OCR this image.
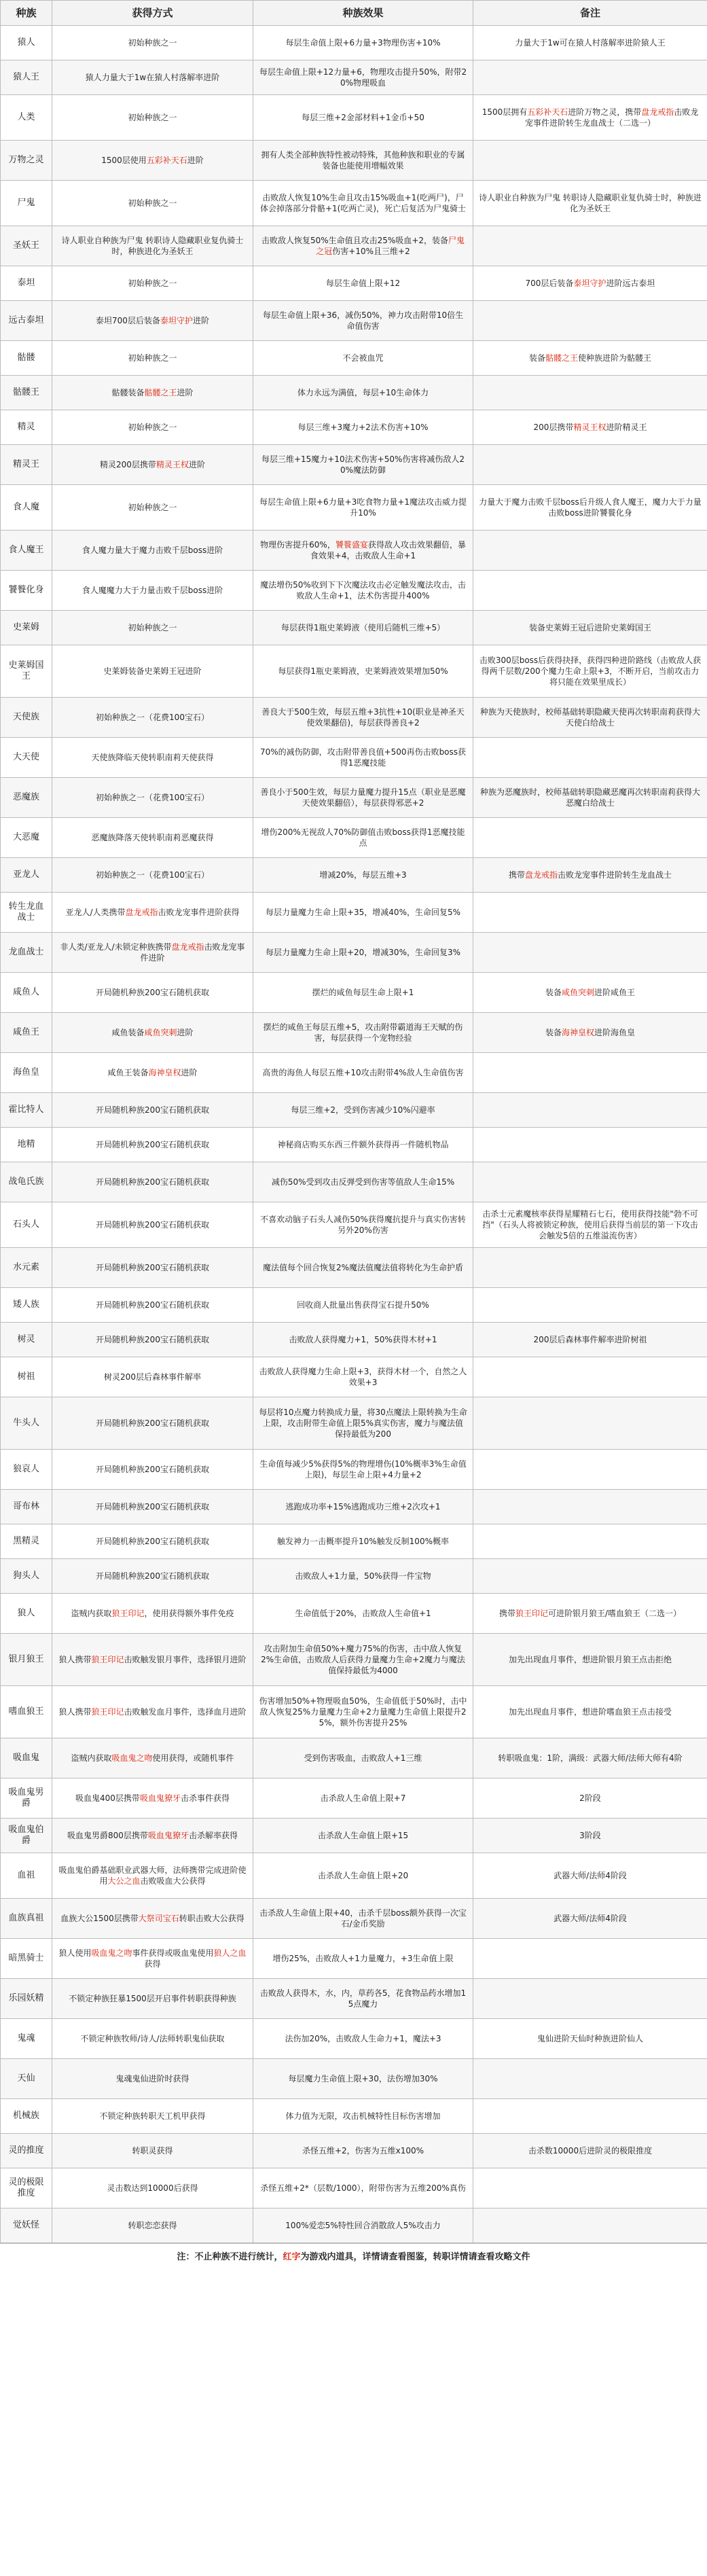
种族	获得方式	种族效果	备注
猿人	初始种族之一	每层生命值上限+6力量+3物理伤害+10%	力量大于1w可在猿人村落解率进阶猿人王
猿人王	猿人力量大于1w在猿人村落解率进阶	每层生命值上限+12力量+6，物理攻击提升50%，附带20%物理吸血	
人类	初始种族之一	每层三维+2金部材料+1金币+50	1500层拥有五彩补天石进阶万物之灵，携带盘龙戒指击败龙宠事件进阶转生龙血战士（二选一）
万物之灵	1500层使用五彩补天石进阶	拥有人类全部种族特性被动特殊，其他种族和职业的专属装备也能使用增幅效果	
尸鬼	初始种族之一	击败敌人恢复10%生命且攻击15%吸血+1(吃两尸)，尸体会掉落部分骨骼+1(吃两亡灵)，死亡后复活为尸鬼骑士	诗人职业自种族为尸鬼 转职诗人隐藏职业复仇骑士时，种族进化为圣妖王
圣妖王	诗人职业自种族为尸鬼 转职诗人隐藏职业复仇骑士时，种族进化为圣妖王	击败敌人恢复50%生命值且攻击25%吸血+2，装备尸鬼之冠伤害+10%且三维+2	
泰坦	初始种族之一	每层生命值上限+12	700层后装备泰坦守护进阶远古泰坦
远古泰坦	泰坦700层后装备泰坦守护进阶	每层生命值上限+36，减伤50%，神力攻击附带10倍生命值伤害	
骷髅	初始种族之一	不会被血咒	装备骷髅之王使种族进阶为骷髅王
骷髅王	骷髅装备骷髅之王进阶	体力永远为满值，每层+10生命体力	
精灵	初始种族之一	每层三维+3魔力+2法术伤害+10%	200层携带精灵王权进阶精灵王
精灵王	精灵200层携带精灵王权进阶	每层三维+15魔力+10法术伤害+50%伤害将减伤敌人20%魔法防御	
食人魔	初始种族之一	每层生命值上限+6力量+3吃食物力量+1魔法攻击威力提升10%	力量大于魔力击败千层boss后升级人食人魔王，魔力大于力量击败boss进阶饕餮化身
食人魔王	食人魔力量大于魔力击败千层boss进阶	物理伤害提升60%，饕餮盛宴获得敌人攻击效果翻倍，暴食效果+4，击败敌人生命+1	
饕餮化身	食人魔魔力大于力量击败千层boss进阶	魔法增伤50%收到下下次魔法攻击必定触发魔法攻击，击败敌人生命+1，法术伤害提升400%	
史莱姆	初始种族之一	每层获得1瓶史莱姆液（使用后随机三维+5）	装备史莱姆王冠后进阶史莱姆国王
史莱姆国王	史莱姆装备史莱姆王冠进阶	每层获得1瓶史莱姆液，史莱姆液效果增加50%	击败300层boss后获得抉择，获得四种进阶路线（击败敌人获得两千层数/200个魔力生命上限+3，不断开启，当前攻击力将只能在效果里成长）
天使族	初始种族之一（花费100宝石）	善良大于500生效，每层五维+3抗性+10(职业是神圣天使效果翻倍)，每层获得善良+2	种族为天使族时，校师基础转职隐藏天使再次转职南莉获得大天使白给战士
大天使	天使族降临天使转职南莉天使获得	70%的减伤防御，攻击附带善良值+500再伤击败boss获得1恶魔技能	
恶魔族	初始种族之一（花费100宝石）	善良小于500生效，每层力量魔力提升15点（职业是恶魔天使效果翻倍），每层获得邪恶+2	种族为恶魔族时，校师基础转职隐藏恶魔再次转职南莉获得大恶魔白给战士
大恶魔	恶魔族降落天使转职南莉恶魔获得	增伤200%无视敌人70%防御值击败boss获得1恶魔技能点	
亚龙人	初始种族之一（花费100宝石）	增减20%，每层五维+3	携带盘龙戒指击败龙宠事件进阶转生龙血战士
转生龙血战士	亚龙人/人类携带盘龙戒指击败龙宠事件进阶获得	每层力量魔力生命上限+35，增减40%，生命回复5%	
龙血战士	非人类/亚龙人/未锁定种族携带盘龙戒指击败龙宠事件进阶	每层力量魔力生命上限+20，增减30%，生命回复3%	
咸鱼人	开局随机种族200宝石随机获取	摆烂的咸鱼每层生命上限+1	装备咸鱼突刺进阶咸鱼王
咸鱼王	咸鱼装备咸鱼突刺进阶	摆烂的咸鱼王每层五维+5，攻击附带霸道海王天赋的伤害，每层获得一个宠物经验	装备海神皇权进阶海鱼皇
海鱼皇	咸鱼王装备海神皇权进阶	高贵的海鱼人每层五维+10攻击附带4%敌人生命值伤害	
霍比特人	开局随机种族200宝石随机获取	每层三维+2，受到伤害减少10%闪避率	
地精	开局随机种族200宝石随机获取	神秘商店购买东西三件额外获得再一件随机物品	
战龟氏族	开局随机种族200宝石随机获取	减伤50%受到攻击反弹受到伤害等值敌人生命15%	
石头人	开局随机种族200宝石随机获取	不喜欢动脑子石头人减伤50%获得魔抗提升与真实伤害转另外20%伤害	击杀士元素魔核率获得星耀精石七石，使用获得技能"勃不可挡"（石头人将被锁定种族，使用后获得当前层的第一下攻击会触发5倍的五维溢流伤害）
水元素	开局随机种族200宝石随机获取	魔法值每个回合恢复2%魔法值魔法值将转化为生命护盾	
矮人族	开局随机种族200宝石随机获取	回收商人批量出售获得宝石提升50%	
树灵	开局随机种族200宝石随机获取	击败敌人获得魔力+1，50%获得木材+1	200层后森林事件解率进阶树祖
树祖	树灵200层后森林事件解率	击败敌人获得魔力生命上限+3，获得木材一个，自然之人效果+3	
牛头人	开局随机种族200宝石随机获取	每层将10点魔力转换成力量，将30点魔法上限转换为生命上限，攻击附带生命值上限5%真实伤害，魔力与魔法值保持最低为200	
狼哀人	开局随机种族200宝石随机获取	生命值每减少5%获得5%的物理增伤(10%概率3%生命值上限)，每层生命上限+4力量+2	
哥布林	开局随机种族200宝石随机获取	逃跑成功率+15%逃跑成功三维+2次攻+1	
黑精灵	开局随机种族200宝石随机获取	触发神力一击概率提升10%触发反制100%概率	
狗头人	开局随机种族200宝石随机获取	击败敌人+1力量，50%获得一件宝物	
狼人	盗贼内获取狼王印记，使用获得额外事件免疫	生命值低于20%，击败敌人生命值+1	携带狼王印记可进阶银月狼王/嗜血狼王（二选一）
银月狼王	狼人携带狼王印记击败触发银月事件，选择银月进阶	攻击附加生命值50%+魔力75%的伤害，击中敌人恢复2%生命值，击败敌人后获得力量魔力生命+2魔力与魔法值保持最低为4000	加先出现血月事件，想进阶银月狼王点击拒绝
嗜血狼王	狼人携带狼王印记击败触发血月事件，选择血月进阶	伤害增加50%+物理吸血50%，生命值低于50%时，击中敌人恢复25%力量魔力生命+2力量魔力生命值上限提升25%，额外伤害提升25%	加先出现血月事件，想进阶嗜血狼王点击接受
吸血鬼	盗贼内获取吸血鬼之吻使用获得，或随机事件	受到伤害吸血，击败敌人+1三维	转职吸血鬼：1阶，满级：武器大师/法师大师有4阶
吸血鬼男爵	吸血鬼400层携带吸血鬼獠牙击杀事件获得	击杀敌人生命值上限+7	2阶段
吸血鬼伯爵	吸血鬼男爵800层携带吸血鬼獠牙击杀解率获得	击杀敌人生命值上限+15	3阶段
血祖	吸血鬼伯爵基础职业武器大师，法师携带完成进阶使用大公之血击败吸血大公获得	击杀敌人生命值上限+20	武器大师/法师4阶段
血族真祖	血族大公1500层携带大祭司宝石转职击败大公获得	击杀敌人生命值上限+40，击杀千层boss额外获得一次宝石/金币奖励	武器大师/法师4阶段
暗黑骑士	狼人使用吸血鬼之吻事件获得或吸血鬼使用狼人之血获得	增伤25%，击败敌人+1力量魔力，+3生命值上限	
乐园妖精	不锁定种族狂暴1500层开启事件转职获得种族	击败敌人获得木，水，内，草药各5，花食物品药水增加15点魔力	
鬼魂	不锁定种族牧师/诗人/法师转职鬼仙获取	法伤加20%，击败敌人生命力+1，魔法+3	鬼仙进阶天仙时种族进阶仙人
天仙	鬼魂鬼仙进阶时获得	每层魔力生命值上限+30，法伤增加30%	
机械族	不锁定种族转职天工机甲获得	体力值为无限，攻击机械特性目标伤害增加	
灵的推度	转职灵获得	杀怪五维+2，伤害为五维x100%	击杀数10000后进阶灵的极限推度
灵的极限推度	灵击数达到10000后获得	杀怪五维+2*（层数/1000），附带伤害为五维200%真伤	
觉妖怪	转职恋恋获得	100%爱恋5%特性回合消散敌人5%攻击力	
注：不止种族不进行统计，红字为游戏内道具，详情请查看图鉴，转职详情请查看攻略文件
